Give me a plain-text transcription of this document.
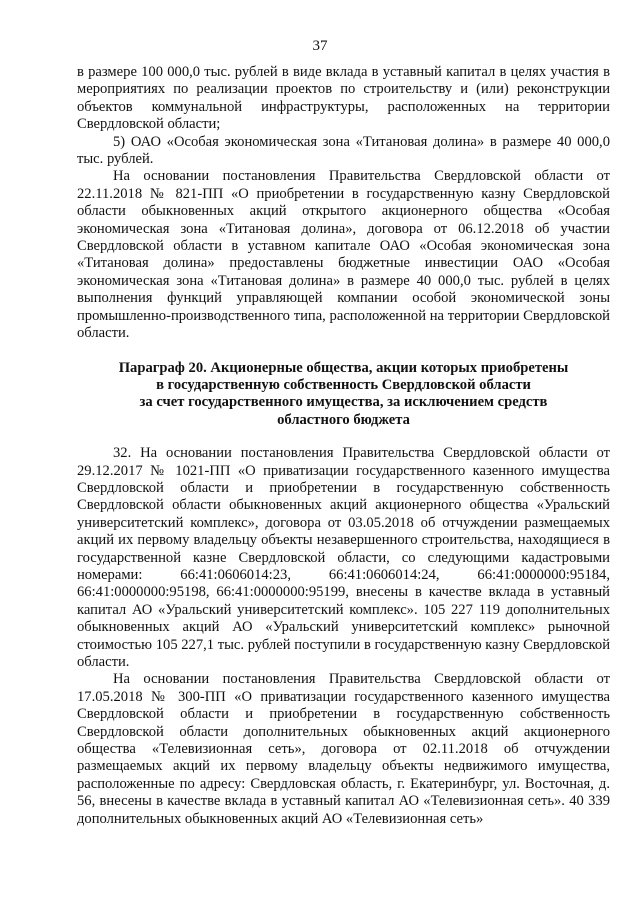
37

в размере 100 000,0 тыс. рублей в виде вклада в уставный капитал в целях участия в мероприятиях по реализации проектов по строительству и (или) реконструкции объектов коммунальной инфраструктуры, расположенных на территории Свердловской области;

5) ОАО «Особая экономическая зона «Титановая долина» в размере 40 000,0 тыс. рублей.

На основании постановления Правительства Свердловской области от 22.11.2018 № 821-ПП «О приобретении в государственную казну Свердловской области обыкновенных акций открытого акционерного общества «Особая экономическая зона «Титановая долина», договора от 06.12.2018 об участии Свердловской области в уставном капитале ОАО «Особая экономическая зона «Титановая долина» предоставлены бюджетные инвестиции ОАО «Особая экономическая зона «Титановая долина» в размере 40 000,0 тыс. рублей в целях выполнения функций управляющей компании особой экономической зоны промышленно-производственного типа, расположенной на территории Свердловской области.

Параграф 20. Акционерные общества, акции которых приобретены
в государственную собственность Свердловской области
за счет государственного имущества, за исключением средств
областного бюджета

32. На основании постановления Правительства Свердловской области от 29.12.2017 № 1021-ПП «О приватизации государственного казенного имущества Свердловской области и приобретении в государственную собственность Свердловской области обыкновенных акций акционерного общества «Уральский университетский комплекс», договора от 03.05.2018 об отчуждении размещаемых акций их первому владельцу объекты незавершенного строительства, находящиеся в государственной казне Свердловской области, со следующими кадастровыми номерами: 66:41:0606014:23, 66:41:0606014:24, 66:41:0000000:95184, 66:41:0000000:95198, 66:41:0000000:95199, внесены в качестве вклада в уставный капитал АО «Уральский университетский комплекс». 105 227 119 дополнительных обыкновенных акций АО «Уральский университетский комплекс» рыночной стоимостью 105 227,1 тыс. рублей поступили в государственную казну Свердловской области.

На основании постановления Правительства Свердловской области от 17.05.2018 № 300-ПП «О приватизации государственного казенного имущества Свердловской области и приобретении в государственную собственность Свердловской области дополнительных обыкновенных акций акционерного общества «Телевизионная сеть», договора от 02.11.2018 об отчуждении размещаемых акций их первому владельцу объекты недвижимого имущества, расположенные по адресу: Свердловская область, г. Екатеринбург, ул. Восточная, д. 56, внесены в качестве вклада в уставный капитал АО «Телевизионная сеть». 40 339 дополнительных обыкновенных акций АО «Телевизионная сеть»
